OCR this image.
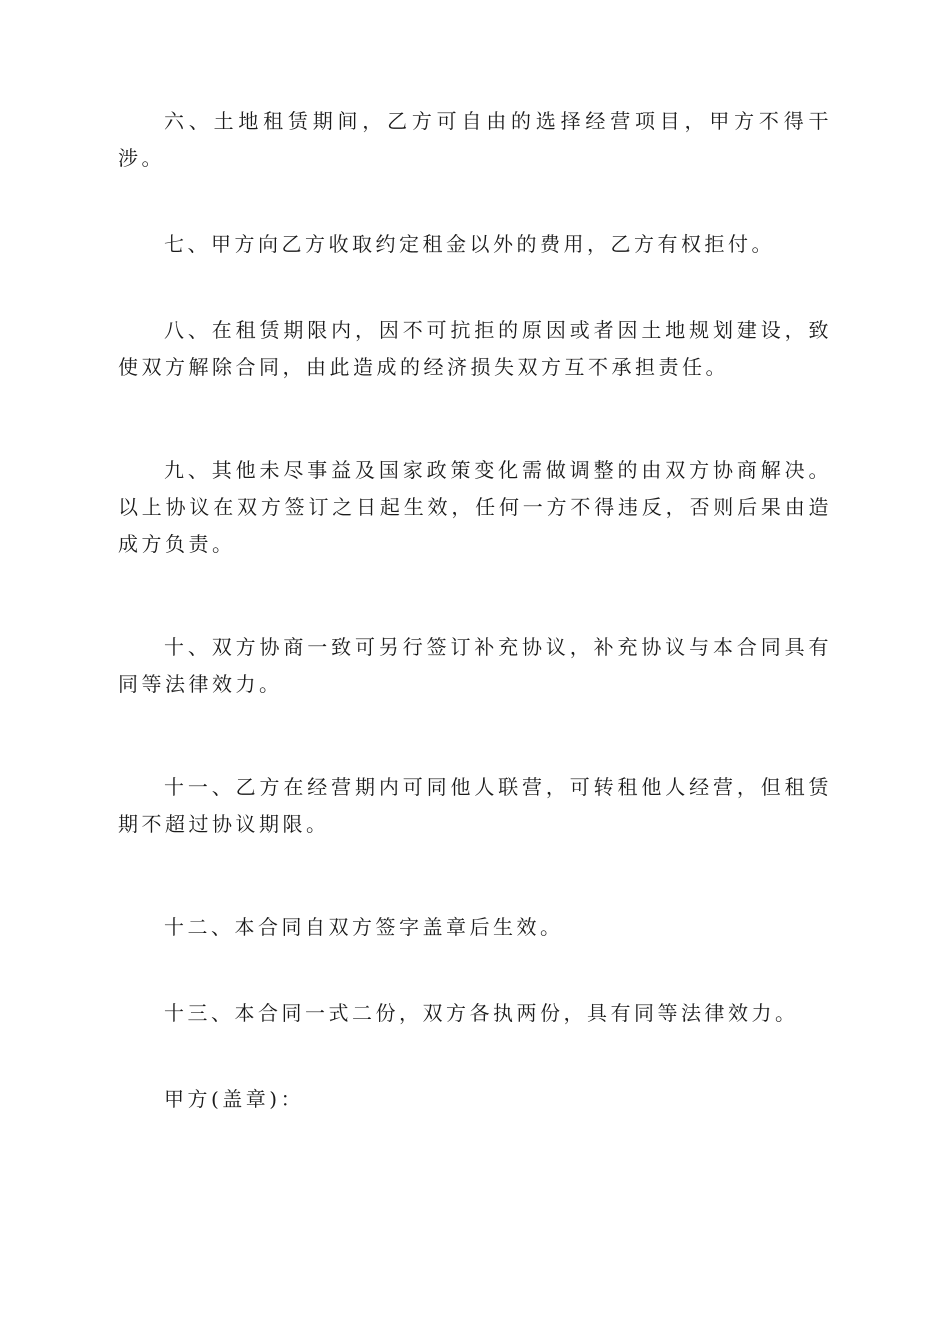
六、土地租赁期间，乙方可自由的选择经营项目，甲方不得干涉。

七、甲方向乙方收取约定租金以外的费用，乙方有权拒付。

八、在租赁期限内，因不可抗拒的原因或者因土地规划建设，致使双方解除合同，由此造成的经济损失双方互不承担责任。

九、其他未尽事益及国家政策变化需做调整的由双方协商解决。以上协议在双方签订之日起生效，任何一方不得违反，否则后果由造成方负责。

十、双方协商一致可另行签订补充协议，补充协议与本合同具有同等法律效力。

十一、乙方在经营期内可同他人联营，可转租他人经营，但租赁期不超过协议期限。

十二、本合同自双方签字盖章后生效。

十三、本合同一式二份，双方各执两份，具有同等法律效力。

甲方(盖章)：
